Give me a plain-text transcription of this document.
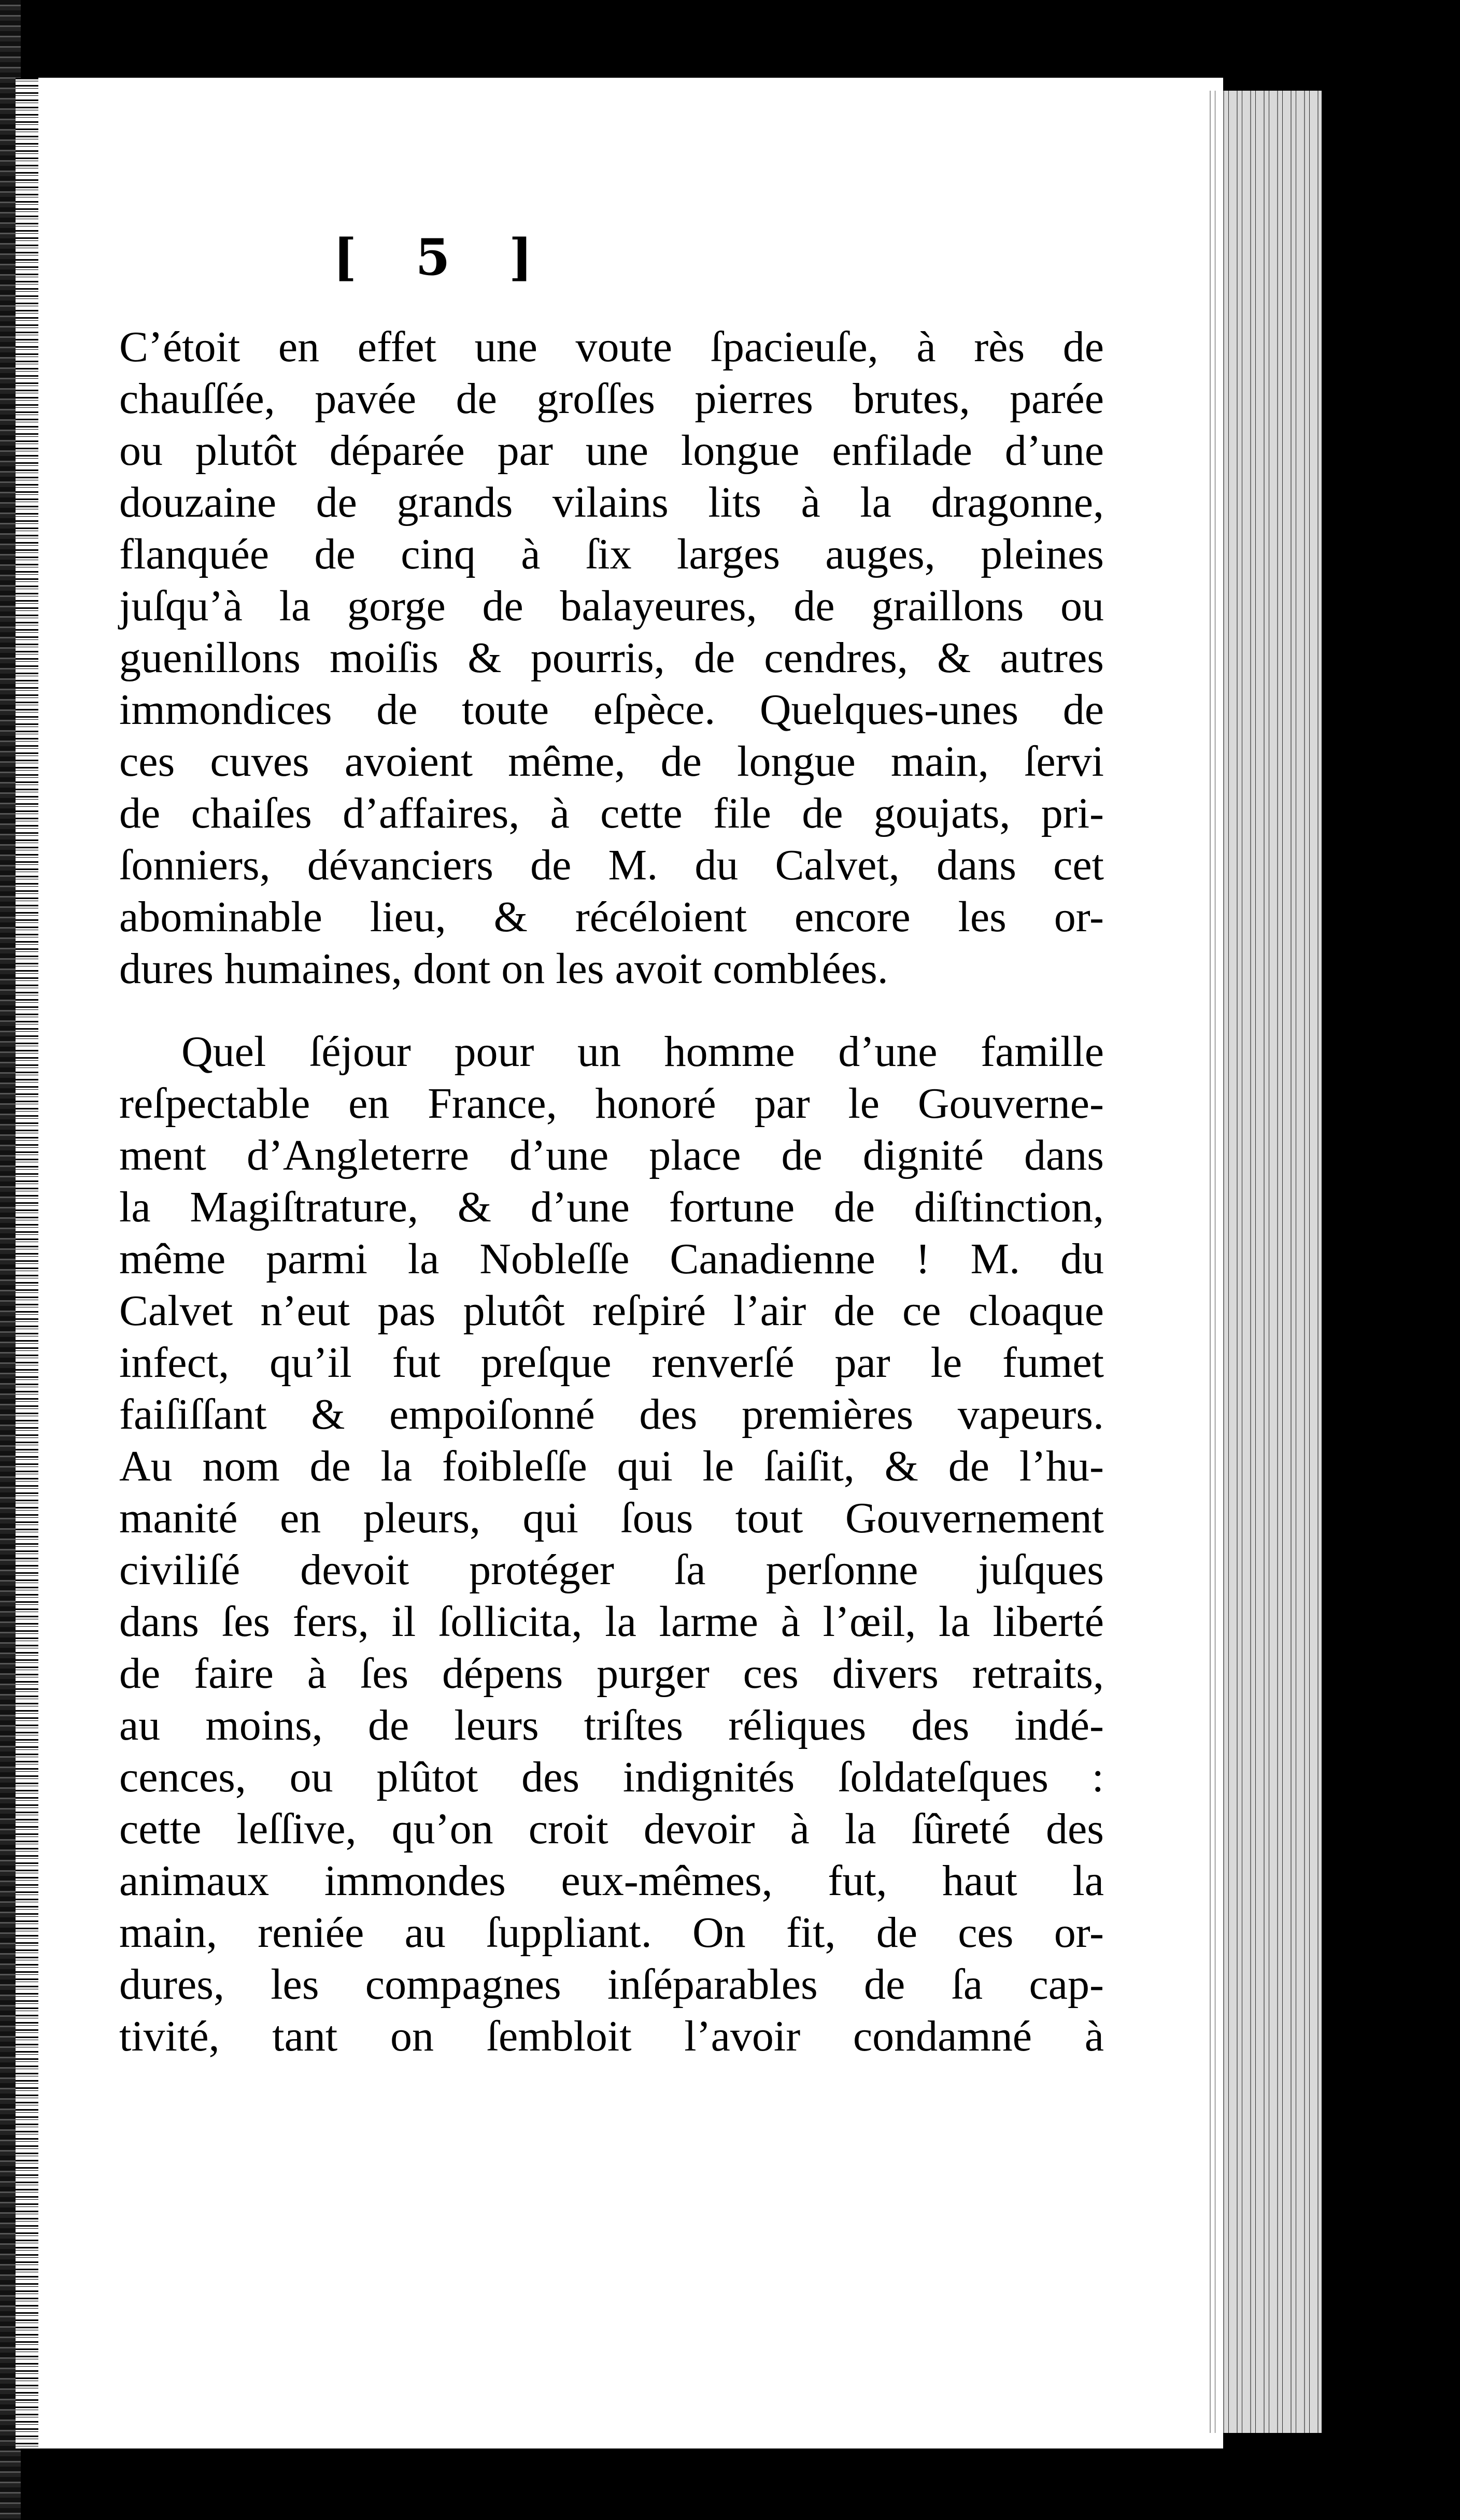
[ 5 ]
C’étoit en effet une voute ſpacieuſe, à rès de
chauſſée, pavée de groſſes pierres brutes, parée
ou plutôt déparée par une longue enfilade d’une
douzaine de grands vilains lits à la dragonne,
flanquée de cinq à ſix larges auges, pleines
juſqu’à la gorge de balayeures, de graillons ou
guenillons moiſis & pourris, de cendres, & autres
immondices de toute eſpèce. Quelques-unes de
ces cuves avoient même, de longue main, ſervi
de chaiſes d’affaires, à cette file de goujats, pri-
ſonniers, dévanciers de M. du Calvet, dans cet
abominable lieu, & récéloient encore les or-
dures humaines, dont on les avoit comblées.
Quel ſéjour pour un homme d’une famille
reſpectable en France, honoré par le Gouverne-
ment d’Angleterre d’une place de dignité dans
la Magiſtrature, & d’une fortune de diſtinction,
même parmi la Nobleſſe Canadienne ! M. du
Calvet n’eut pas plutôt reſpiré l’air de ce cloaque
infect, qu’il fut preſque renverſé par le fumet
faiſiſſant & empoiſonné des premières vapeurs.
Au nom de la foibleſſe qui le ſaiſit, & de l’hu-
manité en pleurs, qui ſous tout Gouvernement
civiliſé devoit protéger ſa perſonne juſques
dans ſes fers, il ſollicita, la larme à l’œil, la liberté
de faire à ſes dépens purger ces divers retraits,
au moins, de leurs triſtes réliques des indé-
cences, ou plûtot des indignités ſoldateſques :
cette leſſive, qu’on croit devoir à la ſûreté des
animaux immondes eux-mêmes, fut, haut la
main, reniée au ſuppliant. On fit, de ces or-
dures, les compagnes inſéparables de ſa cap-
tivité, tant on ſembloit l’avoir condamné à
